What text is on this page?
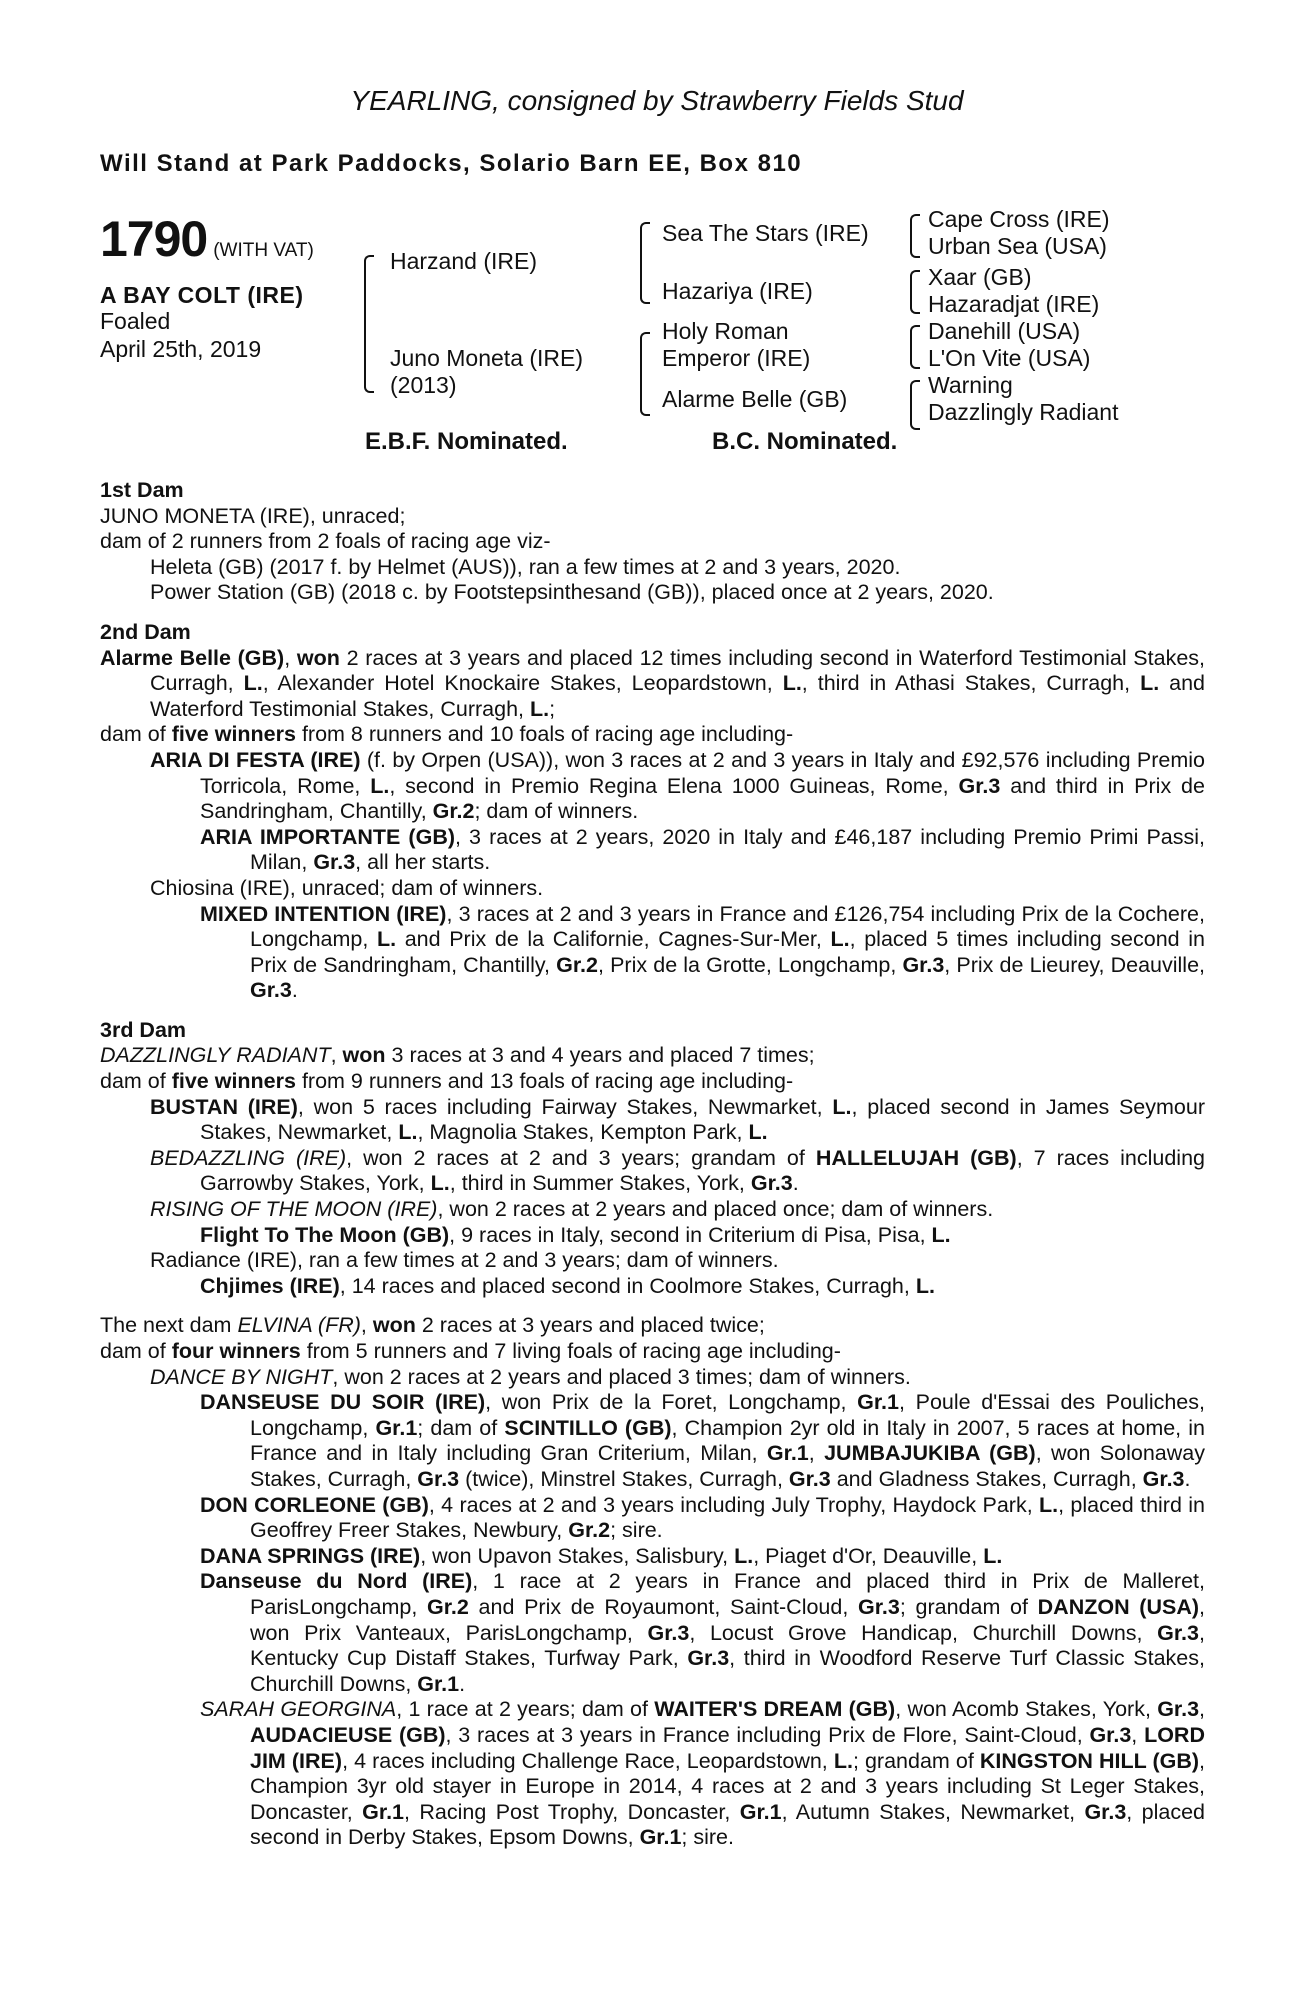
YEARLING, consigned by Strawberry Fields Stud
Will Stand at Park Paddocks, Solario Barn EE, Box 810
1790 (WITH VAT)
A BAY COLT (IRE)
Foaled
April 25th, 2019
Harzand (IRE)
Juno Moneta (IRE)
(2013)
Sea The Stars (IRE)
Hazariya (IRE)
Holy Roman
Emperor (IRE)
Alarme Belle (GB)
Cape Cross (IRE)
Urban Sea (USA)
Xaar (GB)
Hazaradjat (IRE)
Danehill (USA)
L'On Vite (USA)
Warning
Dazzlingly Radiant
E.B.F. Nominated.	B.C. Nominated.

1st Dam

JUNO MONETA (IRE), unraced;

dam of 2 runners from 2 foals of racing age viz-

Heleta (GB) (2017 f. by Helmet (AUS)), ran a few times at 2 and 3 years, 2020.

Power Station (GB) (2018 c. by Footstepsinthesand (GB)), placed once at 2 years, 2020.

2nd Dam

Alarme Belle (GB), won 2 races at 3 years and placed 12 times including second in Waterford Testimonial Stakes, Curragh, L., Alexander Hotel Knockaire Stakes, Leopardstown, L., third in Athasi Stakes, Curragh, L. and Waterford Testimonial Stakes, Curragh, L.;

dam of five winners from 8 runners and 10 foals of racing age including-

ARIA DI FESTA (IRE) (f. by Orpen (USA)), won 3 races at 2 and 3 years in Italy and £92,576 including Premio Torricola, Rome, L., second in Premio Regina Elena 1000 Guineas, Rome, Gr.3 and third in Prix de Sandringham, Chantilly, Gr.2; dam of winners.

ARIA IMPORTANTE (GB), 3 races at 2 years, 2020 in Italy and £46,187 including Premio Primi Passi, Milan, Gr.3, all her starts.

Chiosina (IRE), unraced; dam of winners.

MIXED INTENTION (IRE), 3 races at 2 and 3 years in France and £126,754 including Prix de la Cochere, Longchamp, L. and Prix de la Californie, Cagnes-Sur-Mer, L., placed 5 times including second in Prix de Sandringham, Chantilly, Gr.2, Prix de la Grotte, Longchamp, Gr.3, Prix de Lieurey, Deauville, Gr.3.

3rd Dam

DAZZLINGLY RADIANT, won 3 races at 3 and 4 years and placed 7 times;

dam of five winners from 9 runners and 13 foals of racing age including-

BUSTAN (IRE), won 5 races including Fairway Stakes, Newmarket, L., placed second in James Seymour Stakes, Newmarket, L., Magnolia Stakes, Kempton Park, L.

BEDAZZLING (IRE), won 2 races at 2 and 3 years; grandam of HALLELUJAH (GB), 7 races including Garrowby Stakes, York, L., third in Summer Stakes, York, Gr.3.

RISING OF THE MOON (IRE), won 2 races at 2 years and placed once; dam of winners.

Flight To The Moon (GB), 9 races in Italy, second in Criterium di Pisa, Pisa, L.

Radiance (IRE), ran a few times at 2 and 3 years; dam of winners.

Chjimes (IRE), 14 races and placed second in Coolmore Stakes, Curragh, L.

The next dam ELVINA (FR), won 2 races at 3 years and placed twice;

dam of four winners from 5 runners and 7 living foals of racing age including-

DANCE BY NIGHT, won 2 races at 2 years and placed 3 times; dam of winners.

DANSEUSE DU SOIR (IRE), won Prix de la Foret, Longchamp, Gr.1, Poule d'Essai des Pouliches, Longchamp, Gr.1; dam of SCINTILLO (GB), Champion 2yr old in Italy in 2007, 5 races at home, in France and in Italy including Gran Criterium, Milan, Gr.1, JUMBAJUKIBA (GB), won Solonaway Stakes, Curragh, Gr.3 (twice), Minstrel Stakes, Curragh, Gr.3 and Gladness Stakes, Curragh, Gr.3.

DON CORLEONE (GB), 4 races at 2 and 3 years including July Trophy, Haydock Park, L., placed third in Geoffrey Freer Stakes, Newbury, Gr.2; sire.

DANA SPRINGS (IRE), won Upavon Stakes, Salisbury, L., Piaget d'Or, Deauville, L.

Danseuse du Nord (IRE), 1 race at 2 years in France and placed third in Prix de Malleret, ParisLongchamp, Gr.2 and Prix de Royaumont, Saint-Cloud, Gr.3; grandam of DANZON (USA), won Prix Vanteaux, ParisLongchamp, Gr.3, Locust Grove Handicap, Churchill Downs, Gr.3, Kentucky Cup Distaff Stakes, Turfway Park, Gr.3, third in Woodford Reserve Turf Classic Stakes, Churchill Downs, Gr.1.

SARAH GEORGINA, 1 race at 2 years; dam of WAITER'S DREAM (GB), won Acomb Stakes, York, Gr.3, AUDACIEUSE (GB), 3 races at 3 years in France including Prix de Flore, Saint-Cloud, Gr.3, LORD JIM (IRE), 4 races including Challenge Race, Leopardstown, L.; grandam of KINGSTON HILL (GB), Champion 3yr old stayer in Europe in 2014, 4 races at 2 and 3 years including St Leger Stakes, Doncaster, Gr.1, Racing Post Trophy, Doncaster, Gr.1, Autumn Stakes, Newmarket, Gr.3, placed second in Derby Stakes, Epsom Downs, Gr.1; sire.
